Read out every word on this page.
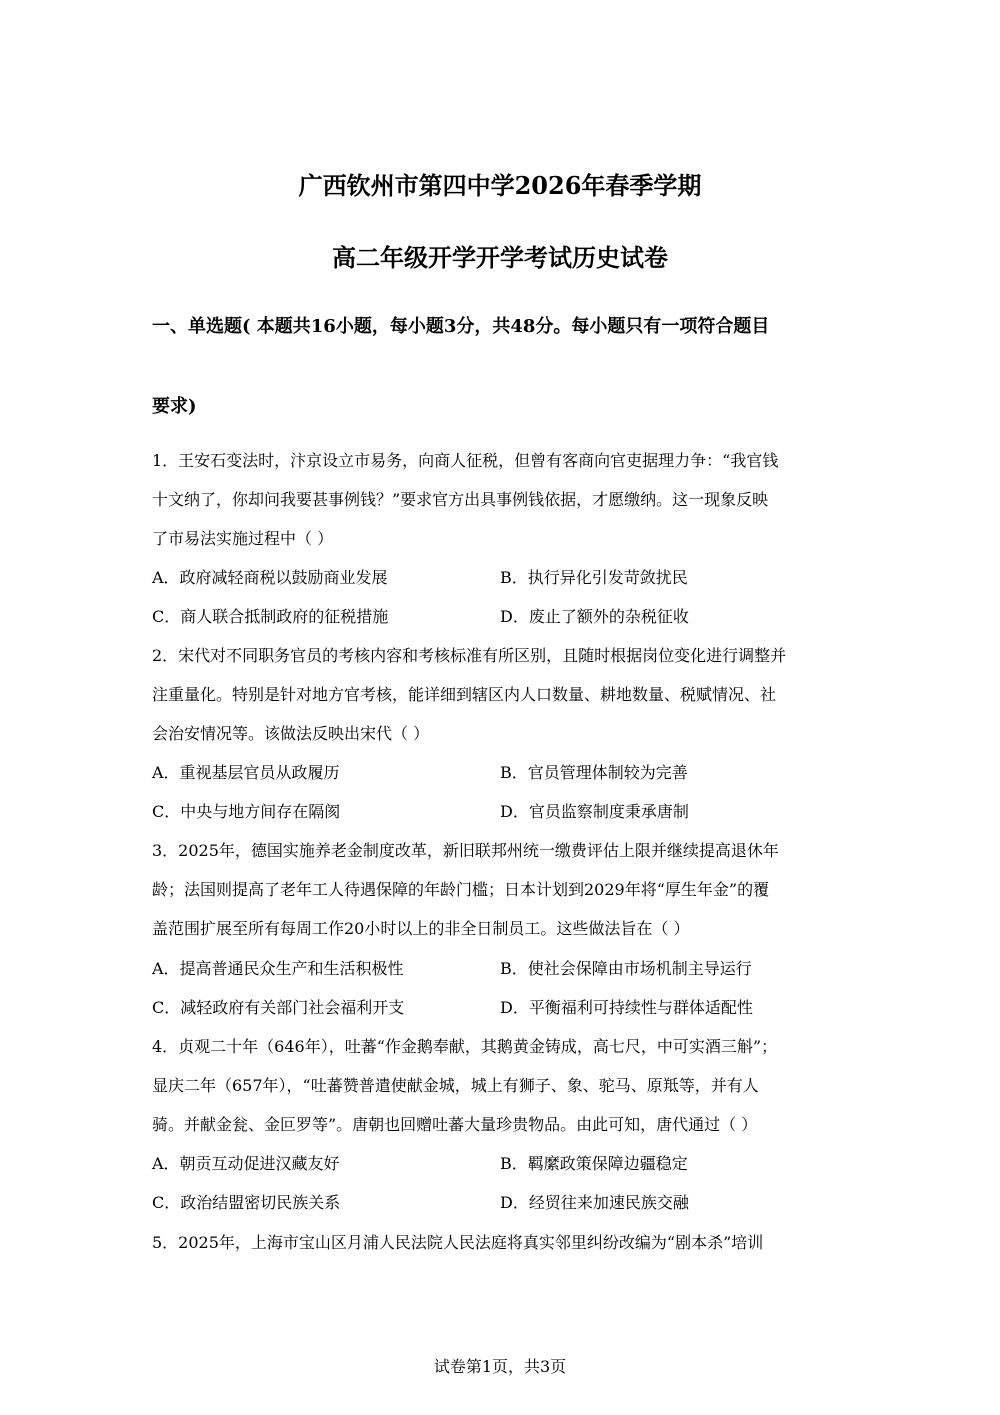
广西钦州市第四中学2026年春季学期
高二年级开学开学考试历史试卷
一、单选题( 本题共16小题，每小题3分，共48分。每小题只有一项符合题目
要求)
1．王安石变法时，汴京设立市易务，向商人征税，但曾有客商向官吏据理力争：“我官钱
十文纳了，你却问我要甚事例钱？”要求官方出具事例钱依据，才愿缴纳。这一现象反映
了市易法实施过程中（ ）
A．政府减轻商税以鼓励商业发展	B．执行异化引发苛敛扰民
C．商人联合抵制政府的征税措施	D．废止了额外的杂税征收
2．宋代对不同职务官员的考核内容和考核标准有所区别，且随时根据岗位变化进行调整并
注重量化。特别是针对地方官考核，能详细到辖区内人口数量、耕地数量、税赋情况、社
会治安情况等。该做法反映出宋代（ ）
A．重视基层官员从政履历	B．官员管理体制较为完善
C．中央与地方间存在隔阂	D．官员监察制度秉承唐制
3．2025年，德国实施养老金制度改革，新旧联邦州统一缴费评估上限并继续提高退休年
龄；法国则提高了老年工人待遇保障的年龄门槛；日本计划到2029年将“厚生年金”的覆
盖范围扩展至所有每周工作20小时以上的非全日制员工。这些做法旨在（ ）
A．提高普通民众生产和生活积极性	B．使社会保障由市场机制主导运行
C．减轻政府有关部门社会福利开支	D．平衡福利可持续性与群体适配性
4．贞观二十年（646年），吐蕃“作金鹅奉献，其鹅黄金铸成，高七尺，中可实酒三斛”；
显庆二年（657年），“吐蕃赞普遣使献金城，城上有狮子、象、驼马、原羝等，并有人
骑。并献金瓮、金叵罗等”。唐朝也回赠吐蕃大量珍贵物品。由此可知，唐代通过（ ）
A．朝贡互动促进汉藏友好	B．羁縻政策保障边疆稳定
C．政治结盟密切民族关系	D．经贸往来加速民族交融
5．2025年，上海市宝山区月浦人民法院人民法庭将真实邻里纠纷改编为“剧本杀”培训
试卷第1页，共3页
